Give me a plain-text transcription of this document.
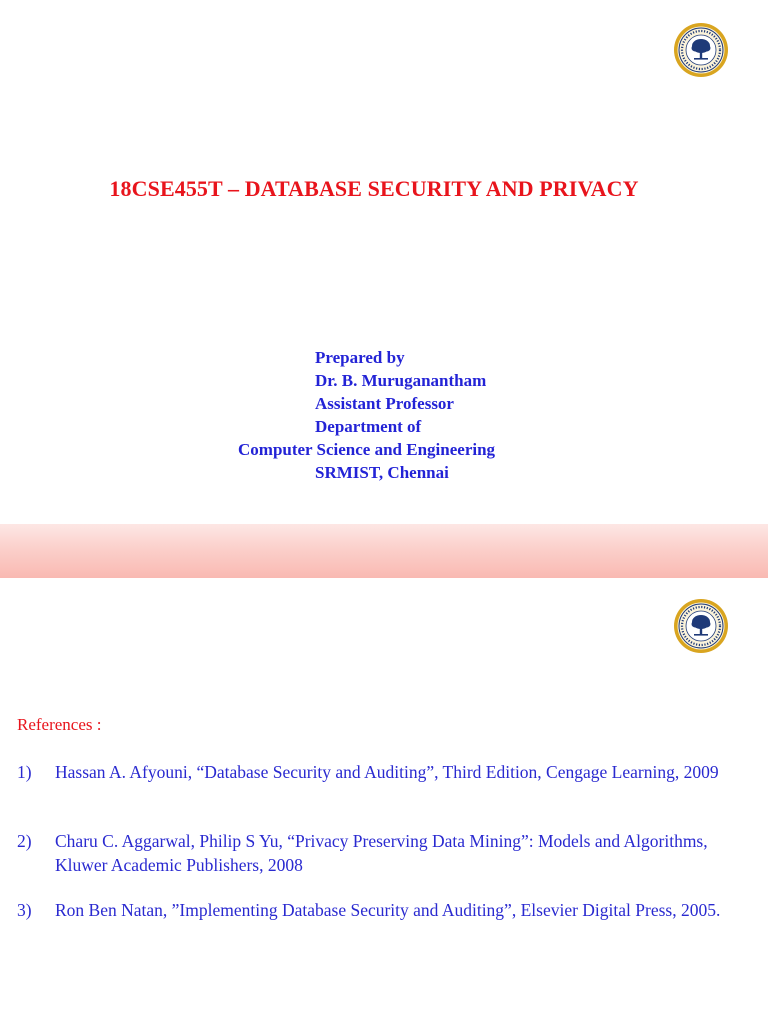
18CSE455T – DATABASE SECURITY AND PRIVACY
Prepared by
Dr. B. Muruganantham
Assistant Professor
Department of
Computer Science and Engineering
SRMIST, Chennai
References :
1) Hassan A. Afyouni, “Database Security and Auditing”, Third Edition, Cengage Learning, 2009
2) Charu C. Aggarwal, Philip S Yu, “Privacy Preserving Data Mining”: Models and Algorithms, Kluwer Academic Publishers, 2008
3) Ron Ben Natan, ”Implementing Database Security and Auditing”, Elsevier Digital Press, 2005.
